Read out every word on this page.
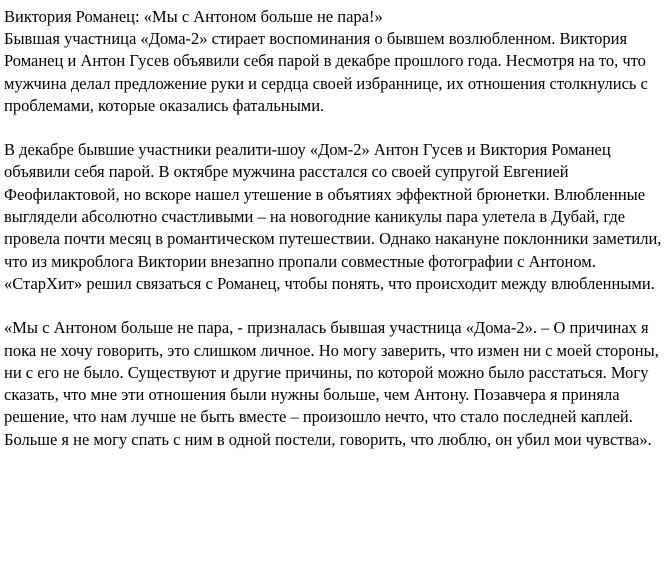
Виктория Романец: «Мы с Антоном больше не пара!»

Бывшая участница «Дома-2» стирает воспоминания о бывшем возлюбленном. Виктория Романец и Антон Гусев объявили себя парой в декабре прошлого года. Несмотря на то, что мужчина делал предложение руки и сердца своей избраннице, их отношения столкнулись с проблемами, которые оказались фатальными.

В декабре бывшие участники реалити-шоу «Дом-2» Антон Гусев и Виктория Романец объявили себя парой. В октябре мужчина расстался со своей супругой Евгенией Феофилактовой, но вскоре нашел утешение в объятиях эффектной брюнетки. Влюбленные выглядели абсолютно счастливыми – на новогодние каникулы пара улетела в Дубай, где провела почти месяц в романтическом путешествии. Однако накануне поклонники заметили, что из микроблога Виктории внезапно пропали совместные фотографии с Антоном. «СтарХит» решил связаться с Романец, чтобы понять, что происходит между влюбленными.

«Мы с Антоном больше не пара, - призналась бывшая участница «Дома-2». – О причинах я пока не хочу говорить, это слишком личное. Но могу заверить, что измен ни с моей стороны, ни с его не было. Существуют и другие причины, по которой можно было расстаться. Могу сказать, что мне эти отношения были нужны больше, чем Антону. Позавчера я приняла решение, что нам лучше не быть вместе – произошло нечто, что стало последней каплей. Больше я не могу спать с ним в одной постели, говорить, что люблю, он убил мои чувства».
